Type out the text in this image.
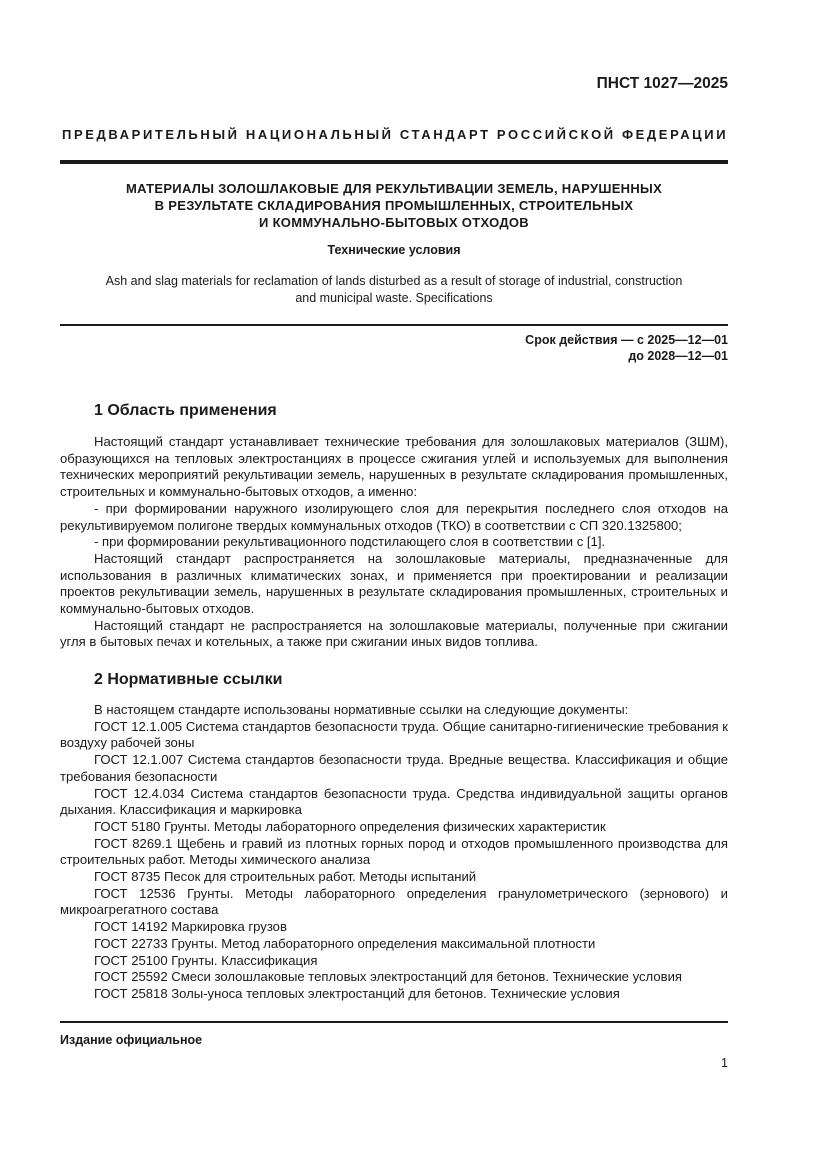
ПНСТ 1027—2025
ПРЕДВАРИТЕЛЬНЫЙ НАЦИОНАЛЬНЫЙ СТАНДАРТ РОССИЙСКОЙ ФЕДЕРАЦИИ
МАТЕРИАЛЫ ЗОЛОШЛАКОВЫЕ ДЛЯ РЕКУЛЬТИВАЦИИ ЗЕМЕЛЬ, НАРУШЕННЫХ
В РЕЗУЛЬТАТЕ СКЛАДИРОВАНИЯ ПРОМЫШЛЕННЫХ, СТРОИТЕЛЬНЫХ
И КОММУНАЛЬНО-БЫТОВЫХ ОТХОДОВ
Технические условия
Ash and slag materials for reclamation of lands disturbed as a result of storage of industrial, construction
and municipal waste. Specifications
Срок действия — с 2025—12—01
до 2028—12—01
1 Область применения

Настоящий стандарт устанавливает технические требования для золошлаковых материалов (ЗШМ), образующихся на тепловых электростанциях в процессе сжигания углей и используемых для выполнения технических мероприятий рекультивации земель, нарушенных в результате складирования промышленных, строительных и коммунально-бытовых отходов, а именно:

- при формировании наружного изолирующего слоя для перекрытия последнего слоя отходов на рекультивируемом полигоне твердых коммунальных отходов (ТКО) в соответствии с СП 320.1325800;

- при формировании рекультивационного подстилающего слоя в соответствии с [1].

Настоящий стандарт распространяется на золошлаковые материалы, предназначенные для использования в различных климатических зонах, и применяется при проектировании и реализации проектов рекультивации земель, нарушенных в результате складирования промышленных, строительных и коммунально-бытовых отходов.

Настоящий стандарт не распространяется на золошлаковые материалы, полученные при сжигании угля в бытовых печах и котельных, а также при сжигании иных видов топлива.

2 Нормативные ссылки

В настоящем стандарте использованы нормативные ссылки на следующие документы:

ГОСТ 12.1.005 Система стандартов безопасности труда. Общие санитарно-гигиенические требования к воздуху рабочей зоны

ГОСТ 12.1.007 Система стандартов безопасности труда. Вредные вещества. Классификация и общие требования безопасности

ГОСТ 12.4.034 Система стандартов безопасности труда. Средства индивидуальной защиты органов дыхания. Классификация и маркировка

ГОСТ 5180 Грунты. Методы лабораторного определения физических характеристик

ГОСТ 8269.1 Щебень и гравий из плотных горных пород и отходов промышленного производства для строительных работ. Методы химического анализа

ГОСТ 8735 Песок для строительных работ. Методы испытаний

ГОСТ 12536 Грунты. Методы лабораторного определения гранулометрического (зернового) и микроагрегатного состава

ГОСТ 14192 Маркировка грузов

ГОСТ 22733 Грунты. Метод лабораторного определения максимальной плотности

ГОСТ 25100 Грунты. Классификация

ГОСТ 25592 Смеси золошлаковые тепловых электростанций для бетонов. Технические условия

ГОСТ 25818 Золы-уноса тепловых электростанций для бетонов. Технические условия

Издание официальное
1
